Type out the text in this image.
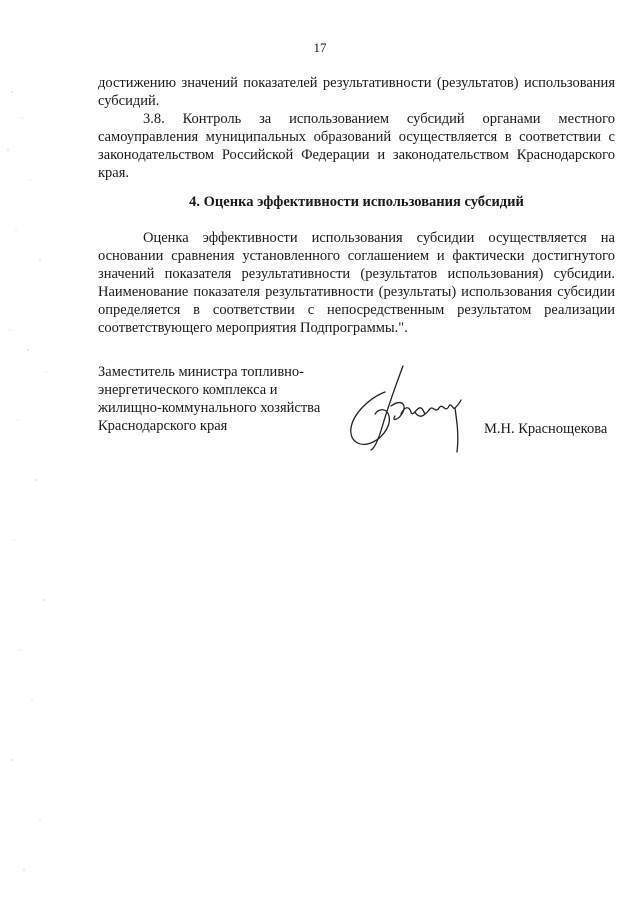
17

достижению значений показателей результативности (результатов) использования субсидий.

3.8. Контроль за использованием субсидий органами местного самоуправления муниципальных образований осуществляется в соответствии с законодательством Российской Федерации и законодательством Краснодарского края.

4. Оценка эффективности использования субсидий

Оценка эффективности использования субсидии осуществляется на основании сравнения установленного соглашением и фактически достигнутого значений показателя результативности (результатов использования) субсидии. Наименование показателя результативности (результаты) использования субсидии определяется в соответствии с непосредственным результатом реализации соответствующего мероприятия Подпрограммы.".

Заместитель министра топливно-
энергетического комплекса и
жилищно-коммунального хозяйства
Краснодарского края	М.Н. Краснощекова
